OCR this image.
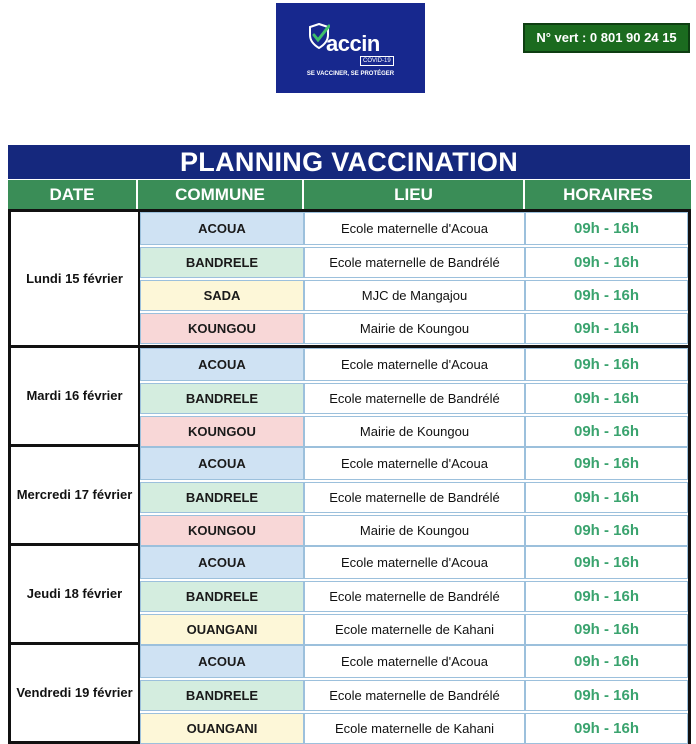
accin
COVID-19
SE VACCINER, SE PROTÉGER
N° vert : 0 801 90 24 15
PLANNING VACCINATION
DATE	COMMUNE	LIEU	HORAIRES
Lundi 15 février
ACOUA	Ecole maternelle d'Acoua	09h - 16h
BANDRELE	Ecole maternelle de Bandrélé	09h - 16h
SADA	MJC de Mangajou	09h - 16h
KOUNGOU	Mairie de Koungou	09h - 16h
Mardi 16 février
ACOUA	Ecole maternelle d'Acoua	09h - 16h
BANDRELE	Ecole maternelle de Bandrélé	09h - 16h
KOUNGOU	Mairie de Koungou	09h - 16h
Mercredi 17 février
ACOUA	Ecole maternelle d'Acoua	09h - 16h
BANDRELE	Ecole maternelle de Bandrélé	09h - 16h
KOUNGOU	Mairie de Koungou	09h - 16h
Jeudi 18 février
ACOUA	Ecole maternelle d'Acoua	09h - 16h
BANDRELE	Ecole maternelle de Bandrélé	09h - 16h
OUANGANI	Ecole maternelle de Kahani	09h - 16h
Vendredi 19 février
ACOUA	Ecole maternelle d'Acoua	09h - 16h
BANDRELE	Ecole maternelle de Bandrélé	09h - 16h
OUANGANI	Ecole maternelle de Kahani	09h - 16h
